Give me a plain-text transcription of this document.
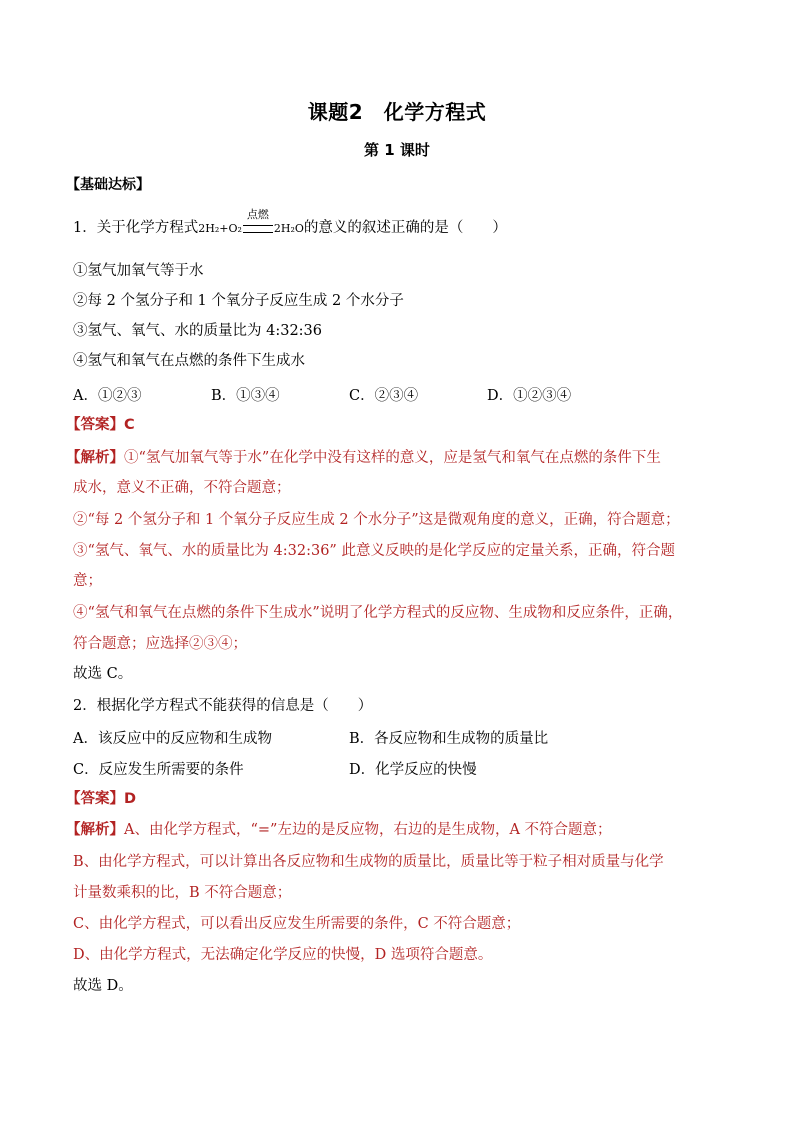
课题2　化学方程式
第 1 课时
【基础达标】
1．关于化学方程式2H₂+O₂
点燃
2H₂O的意义的叙述正确的是（　　）
①氢气加氧气等于水
②每 2 个氢分子和 1 个氧分子反应生成 2 个水分子
③氢气、氧气、水的质量比为 4:32:36
④氢气和氧气在点燃的条件下生成水
A．①②③	B．①③④	C．②③④	D．①②③④
【答案】C
【解析】①“氢气加氧气等于水”在化学中没有这样的意义，应是氢气和氧气在点燃的条件下生
成水，意义不正确，不符合题意；
②“每 2 个氢分子和 1 个氧分子反应生成 2 个水分子”这是微观角度的意义，正确，符合题意；
③“氢气、氧气、水的质量比为 4:32:36” 此意义反映的是化学反应的定量关系，正确，符合题
意；
④“氢气和氧气在点燃的条件下生成水”说明了化学方程式的反应物、生成物和反应条件，正确，
符合题意；应选择②③④；
故选 C。
2．根据化学方程式不能获得的信息是（　　）
A．该反应中的反应物和生成物	B．各反应物和生成物的质量比
C．反应发生所需要的条件	D．化学反应的快慢
【答案】D
【解析】A、由化学方程式，“=”左边的是反应物，右边的是生成物，A 不符合题意；
B、由化学方程式，可以计算出各反应物和生成物的质量比，质量比等于粒子相对质量与化学
计量数乘积的比，B 不符合题意；
C、由化学方程式，可以看出反应发生所需要的条件，C 不符合题意；
D、由化学方程式，无法确定化学反应的快慢，D 选项符合题意。
故选 D。
